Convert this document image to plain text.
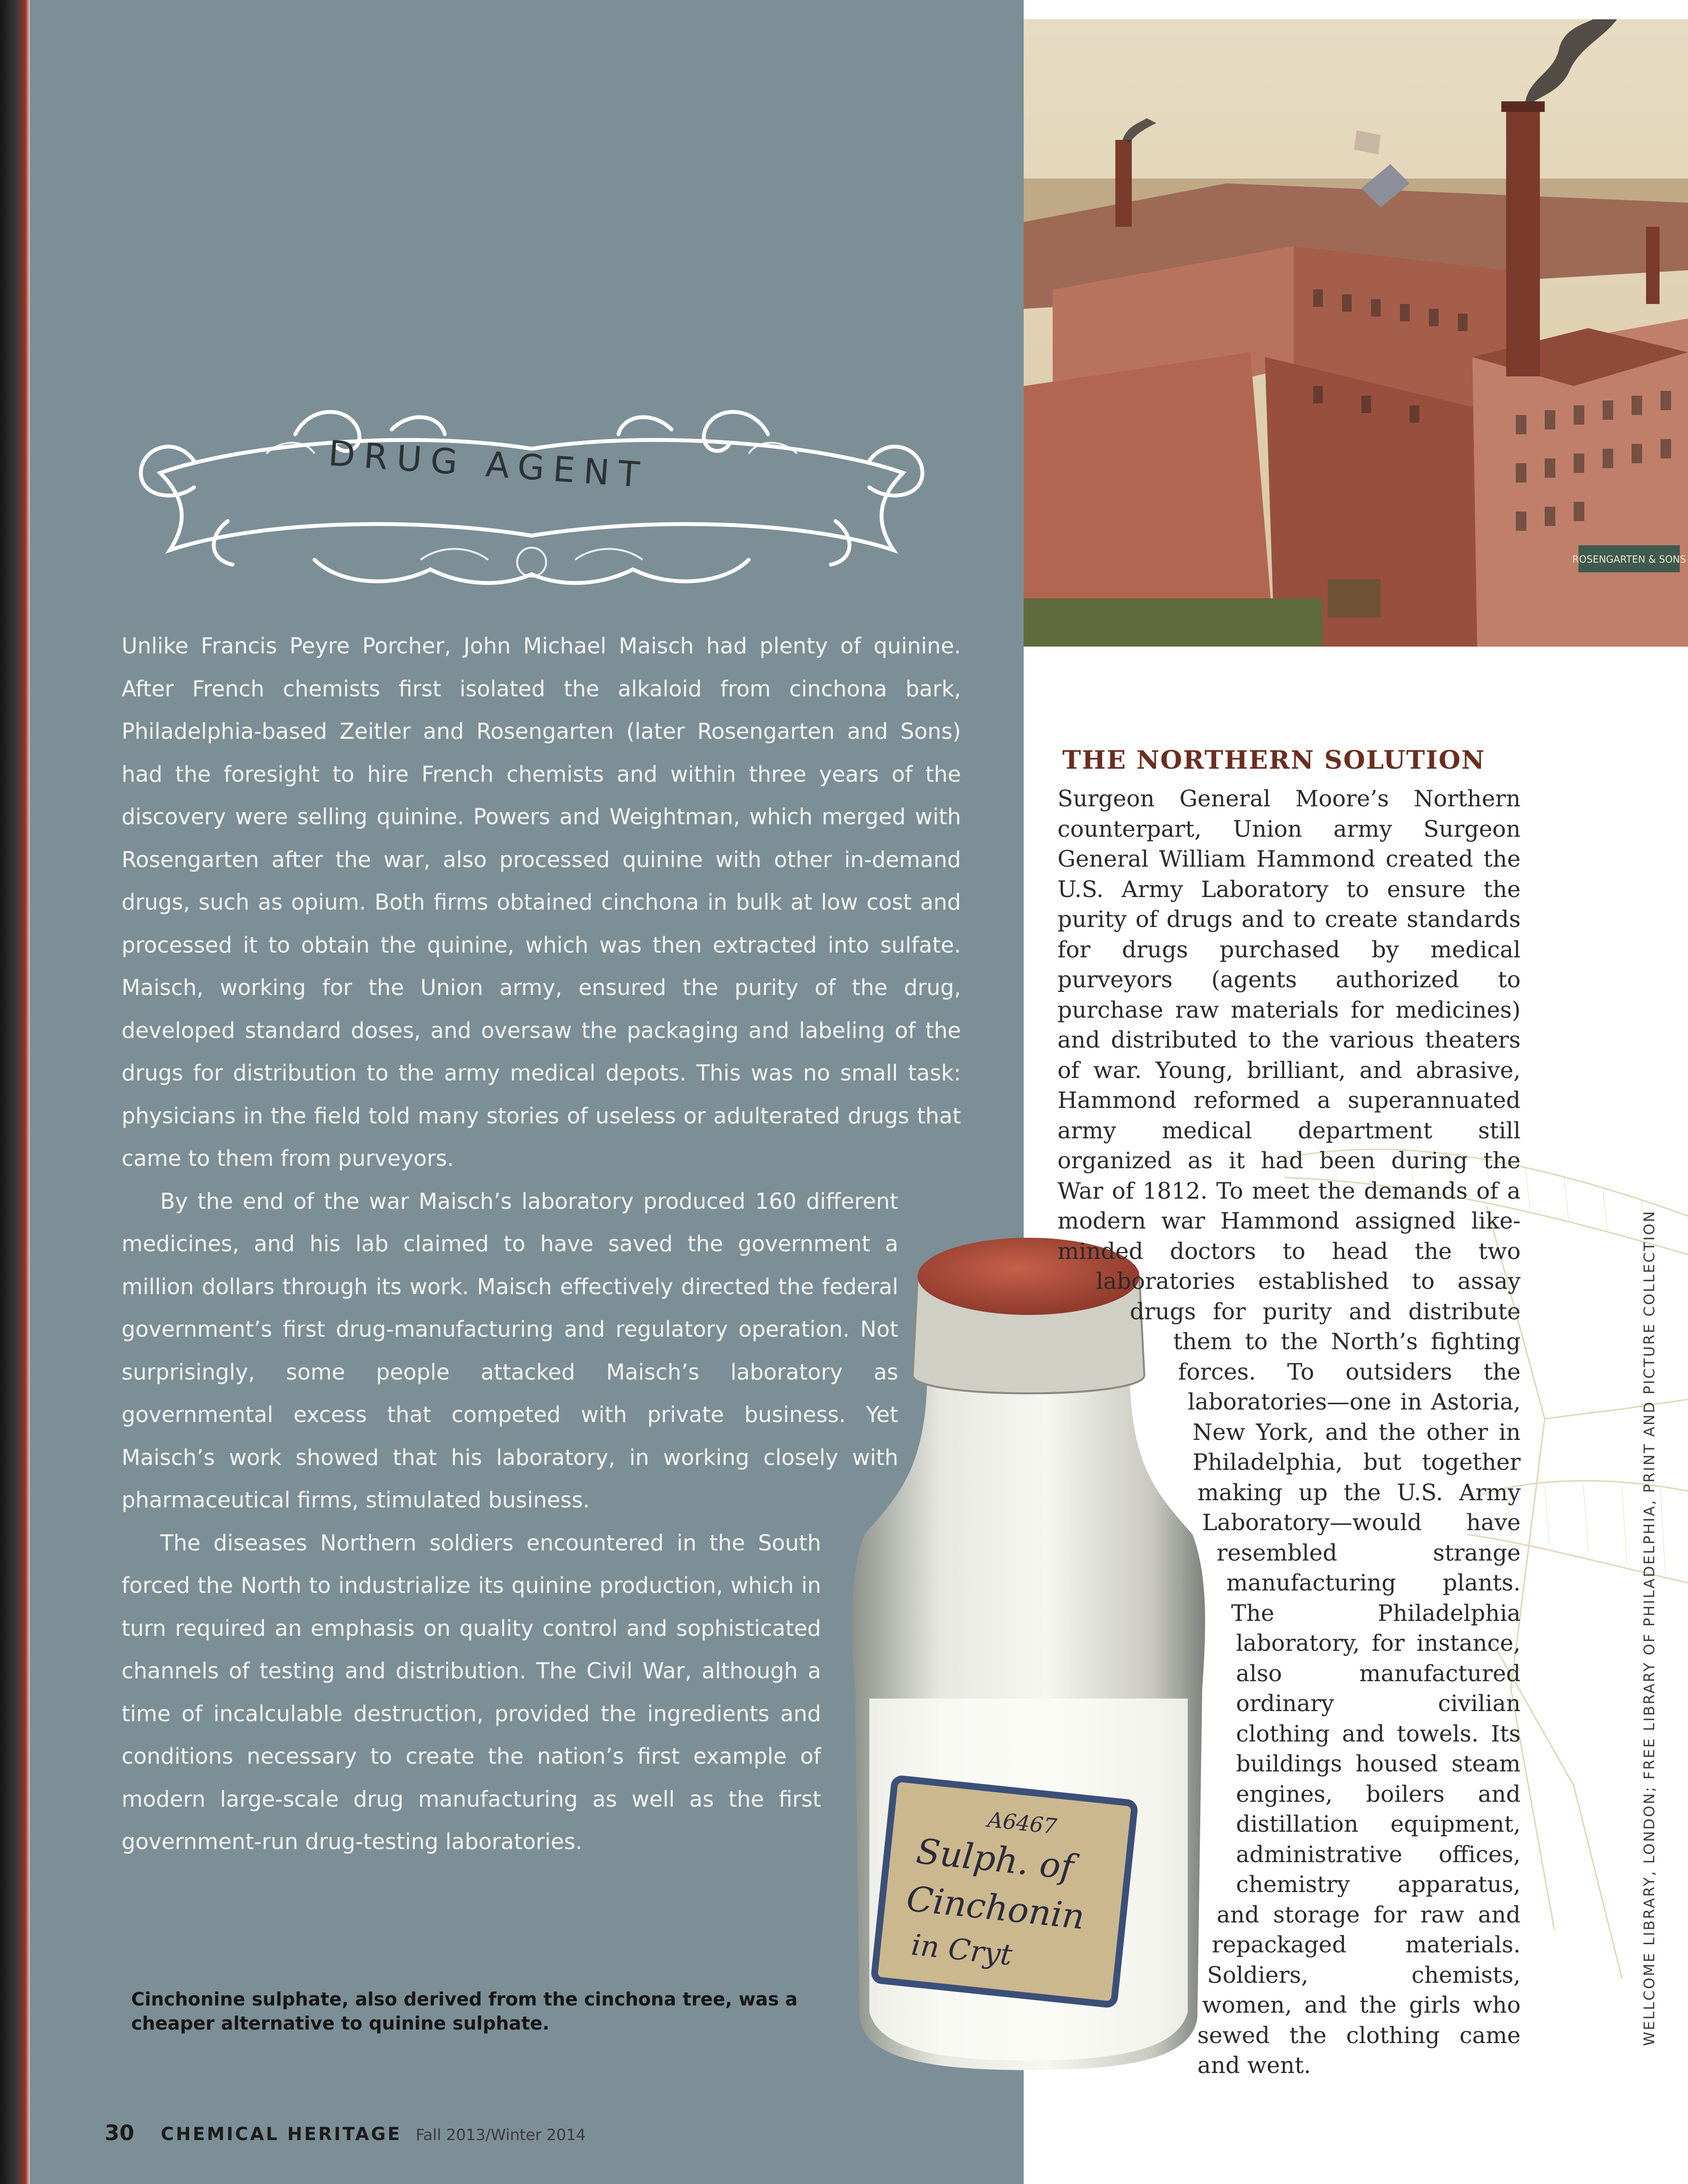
ROSENGARTEN & SONS
DRUG AGENT

Unlike Francis Peyre Porcher, John Michael Maisch had plenty of quinine. After French chemists first isolated the alkaloid from cinchona bark, Philadelphia-based Zeitler and Rosengarten (later Rosengarten and Sons) had the foresight to hire French chemists and within three years of the discovery were selling quinine. Powers and Weightman, which merged with Rosengarten after the war, also processed quinine with other in-demand drugs, such as opium. Both firms obtained cinchona in bulk at low cost and processed it to obtain the quinine, which was then extracted into sulfate. Maisch, working for the Union army, ensured the purity of the drug, developed standard doses, and oversaw the packaging and labeling of the drugs for distribution to the army medical depots. This was no small task: physicians in the field told many stories of useless or adulterated drugs that came to them from purveyors.

By the end of the war Maisch’s laboratory produced 160 different medicines, and his lab claimed to have saved the government a million dollars through its work. Maisch effectively directed the federal government’s first drug-manufacturing and regulatory operation. Not surprisingly, some people attacked Maisch’s laboratory as governmental excess that competed with private business. Yet Maisch’s work showed that his laboratory, in working closely with pharmaceutical firms, stimulated business.

The diseases Northern soldiers encountered in the South forced the North to industrialize its quinine production, which in turn required an emphasis on quality control and sophisticated channels of testing and distribution. The Civil War, although a time of incalculable destruction, provided the ingredients and conditions necessary to create the nation’s first example of modern large-scale drug manufacturing as well as the first government-run drug-testing laboratories.

A6467
Sulph. of
Cinchonin
in Cryt
THE NORTHERN SOLUTION

Surgeon General Moore’s Northern counterpart, Union army Surgeon General William Hammond created the U.S. Army Laboratory to ensure the purity of drugs and to create standards for drugs purchased by medical purveyors (agents authorized to purchase raw materials for medicines) and distributed to the various theaters of war. Young, brilliant, and abrasive, Hammond reformed a superannuated army medical department still organized as it had been during the War of 1812. To meet the demands of a modern war Hammond assigned like-minded doctors to head the two laboratories established to assay drugs for purity and distribute them to the North’s fighting forces. To outsiders the laboratories—one in Astoria, New York, and the other in Philadelphia, but together making up the U.S. Army Laboratory—would have resembled strange manufacturing plants. The Philadelphia laboratory, for instance, also manufactured ordinary civilian clothing and towels. Its buildings housed steam engines, boilers and distillation equipment, administrative offices, chemistry apparatus, and storage for raw and repackaged materials. Soldiers, chemists, women, and the girls who sewed the clothing came and went.

WELLCOME LIBRARY, LONDON; FREE LIBRARY OF PHILADELPHIA, PRINT AND PICTURE COLLECTION
Cinchonine sulphate, also derived from the cinchona tree, was a cheaper alternative to quinine sulphate.
30 CHEMICAL HERITAGE Fall 2013/Winter 2014
